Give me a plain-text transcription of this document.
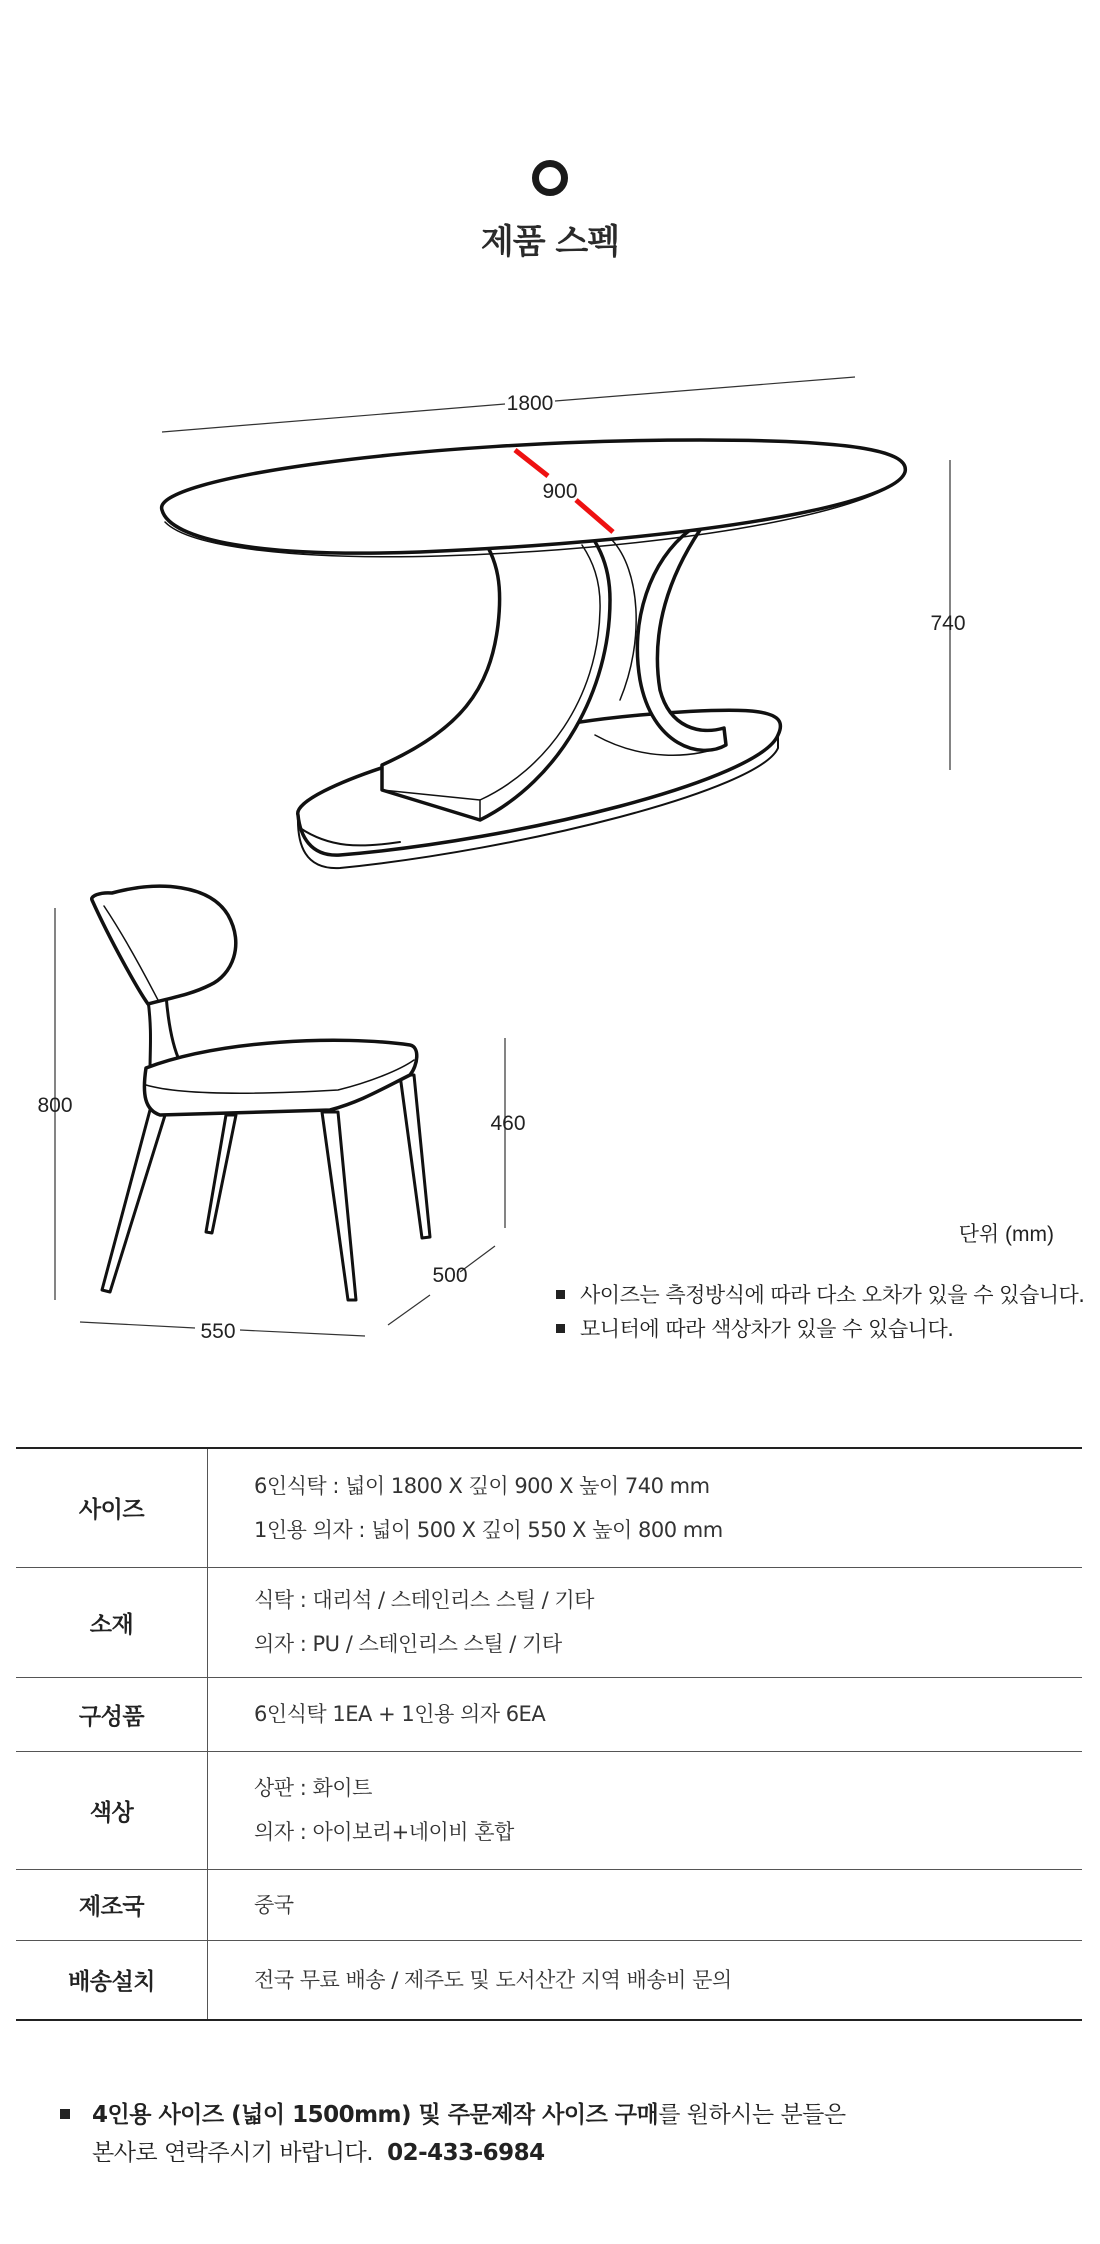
제품 스펙
1800
900
740
800
460
500
550
단위 (mm)
사이즈는 측정방식에 따라 다소 오차가 있을 수 있습니다.
모니터에 따라 색상차가 있을 수 있습니다.
사이즈	6인식탁 : 넓이 1800 X 깊이 900 X 높이 740 mm
1인용 의자 : 넓이 500 X 깊이 550 X 높이 800 mm

소재	식탁 : 대리석 / 스테인리스 스틸 / 기타
의자 : PU / 스테인리스 스틸 / 기타

구성품	6인식탁 1EA + 1인용 의자 6EA

색상	상판 : 화이트
의자 : 아이보리+네이비 혼합

제조국	중국

배송설치	전국 무료 배송 / 제주도 및 도서산간 지역 배송비 문의
4인용 사이즈 (넓이 1500mm) 및 주문제작 사이즈 구매를 원하시는 분들은
본사로 연락주시기 바랍니다. 02-433-6984
